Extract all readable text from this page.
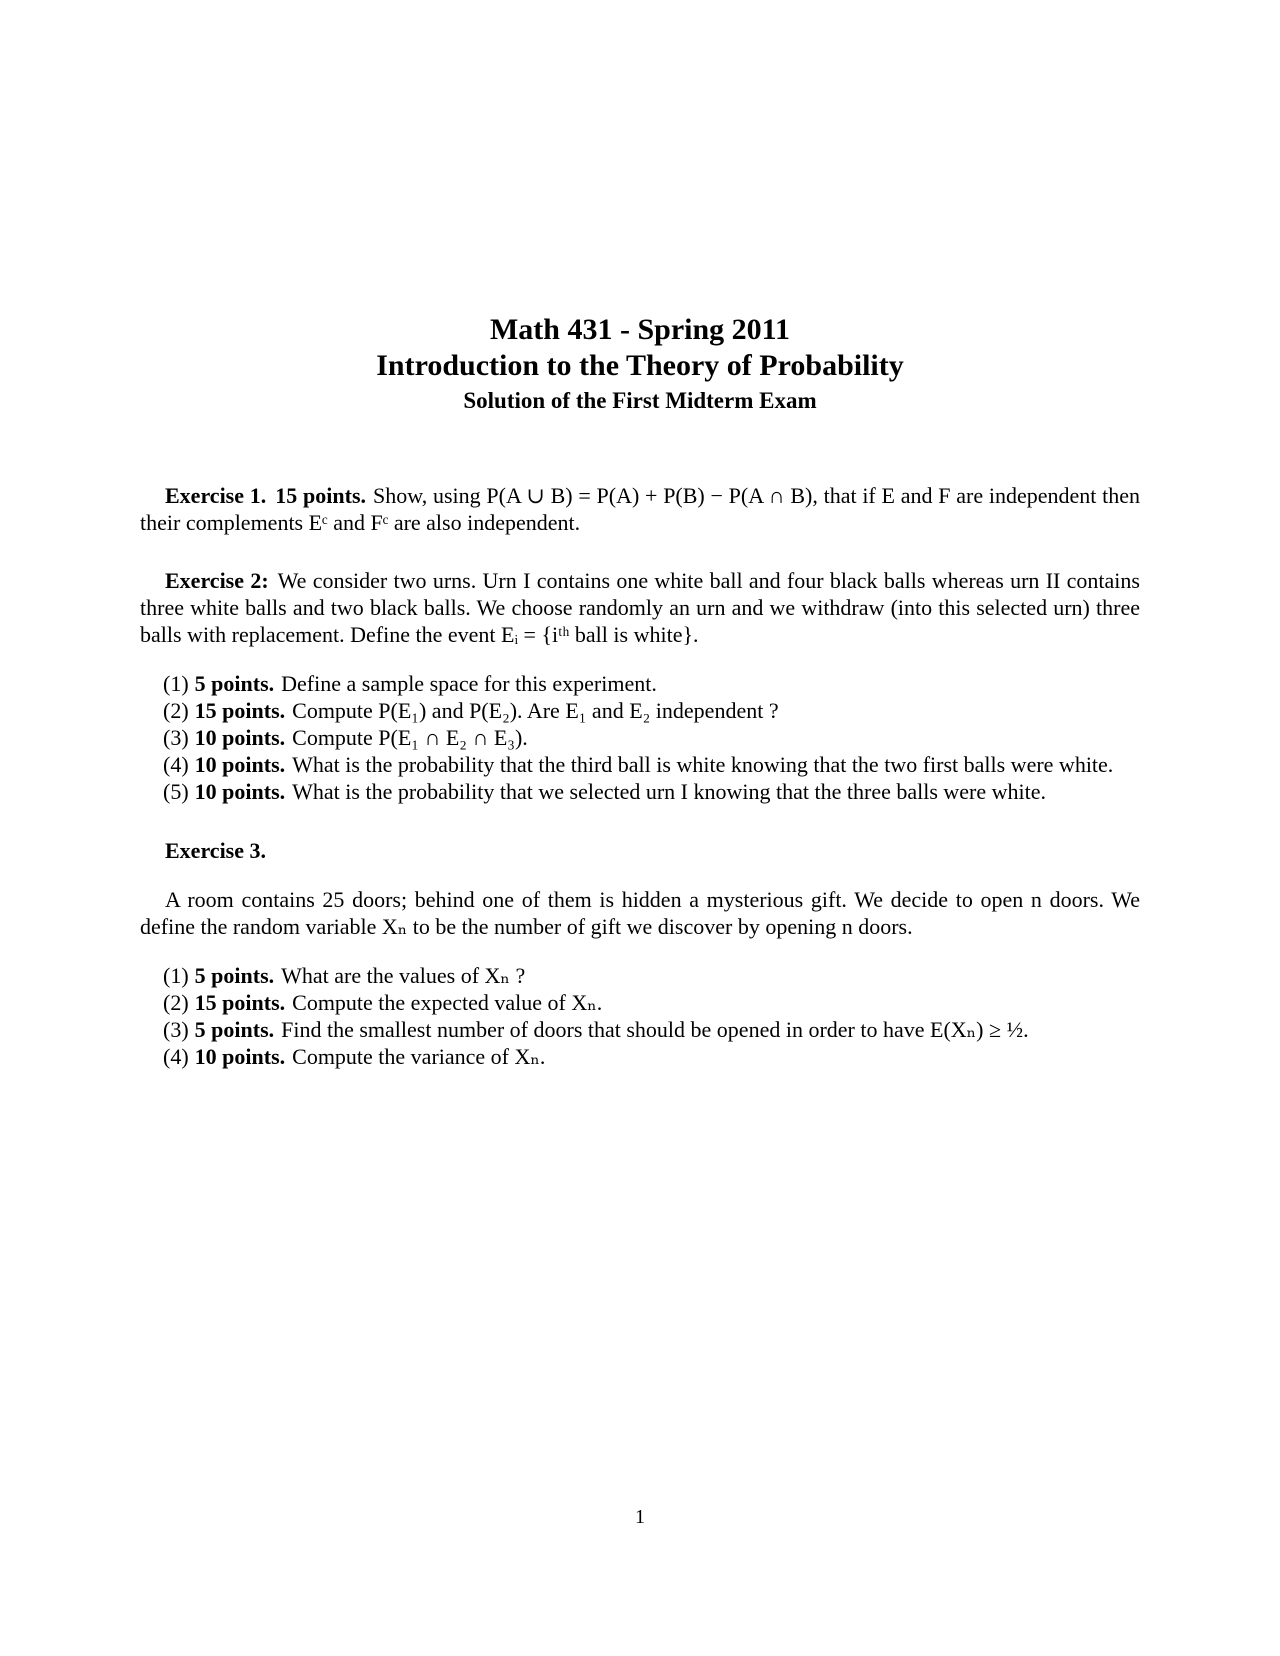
Math 431 - Spring 2011
Introduction to the Theory of Probability
Solution of the First Midterm Exam

Exercise 1. 15 points. Show, using P(A ∪ B) = P(A) + P(B) − P(A ∩ B), that if E and F are independent then their complements Eᶜ and Fᶜ are also independent.

Exercise 2: We consider two urns. Urn I contains one white ball and four black balls whereas urn II contains three white balls and two black balls. We choose randomly an urn and we withdraw (into this selected urn) three balls with replacement. Define the event Eᵢ = {iᵗʰ ball is white}.

(1) 5 points. Define a sample space for this experiment.
(2) 15 points. Compute P(E₁) and P(E₂). Are E₁ and E₂ independent ?
(3) 10 points. Compute P(E₁ ∩ E₂ ∩ E₃).
(4) 10 points. What is the probability that the third ball is white knowing that the two first balls were white.
(5) 10 points. What is the probability that we selected urn I knowing that the three balls were white.

Exercise 3.

A room contains 25 doors; behind one of them is hidden a mysterious gift. We decide to open n doors. We define the random variable Xₙ to be the number of gift we discover by opening n doors.

(1) 5 points. What are the values of Xₙ ?
(2) 15 points. Compute the expected value of Xₙ.
(3) 5 points. Find the smallest number of doors that should be opened in order to have E(Xₙ) ≥ ½.
(4) 10 points. Compute the variance of Xₙ.
1
